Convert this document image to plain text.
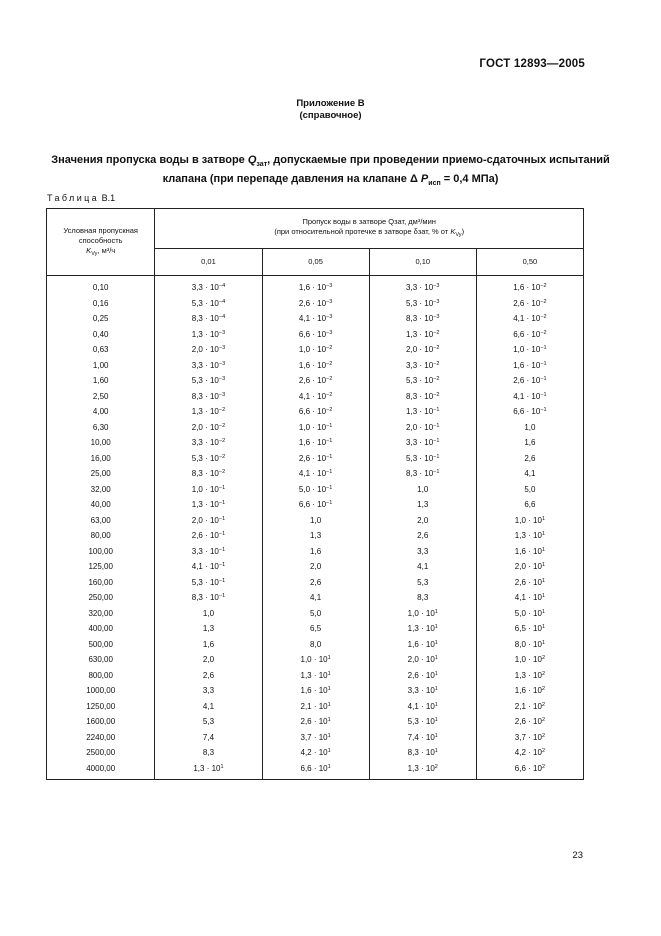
ГОСТ 12893—2005
Приложение В
(справочное)
Значения пропуска воды в затворе $Q_{зат}$, допускаемые при проведении приемо-сдаточных испытаний клапана (при перепаде давления на клапане Δ $P_{исп} = 0,4$ МПа)
Таблица В.1
Условная пропускная способность
$K_{Vy}$, м³/ч	Пропуск воды в затворе Qзат, дм³/мин
(при относительной протечке в затворе δзат, % от $K_{Vy}$)			
	0,01	0,05	0,10	0,50
0,10	$3,3 \cdot 10^{-4}$	$1,6 \cdot 10^{-3}$	$3,3 \cdot 10^{-3}$	$1,6 \cdot 10^{-2}$
0,16	$5,3 \cdot 10^{-4}$	$2,6 \cdot 10^{-3}$	$5,3 \cdot 10^{-3}$	$2,6 \cdot 10^{-2}$
0,25	$8,3 \cdot 10^{-4}$	$4,1 \cdot 10^{-3}$	$8,3 \cdot 10^{-3}$	$4,1 \cdot 10^{-2}$
0,40	$1,3 \cdot 10^{-3}$	$6,6 \cdot 10^{-3}$	$1,3 \cdot 10^{-2}$	$6,6 \cdot 10^{-2}$
0,63	$2,0 \cdot 10^{-3}$	$1,0 \cdot 10^{-2}$	$2,0 \cdot 10^{-2}$	$1,0 \cdot 10^{-1}$
1,00	$3,3 \cdot 10^{-3}$	$1,6 \cdot 10^{-2}$	$3,3 \cdot 10^{-2}$	$1,6 \cdot 10^{-1}$
1,60	$5,3 \cdot 10^{-3}$	$2,6 \cdot 10^{-2}$	$5,3 \cdot 10^{-2}$	$2,6 \cdot 10^{-1}$
2,50	$8,3 \cdot 10^{-3}$	$4,1 \cdot 10^{-2}$	$8,3 \cdot 10^{-2}$	$4,1 \cdot 10^{-1}$
4,00	$1,3 \cdot 10^{-2}$	$6,6 \cdot 10^{-2}$	$1,3 \cdot 10^{-1}$	$6,6 \cdot 10^{-1}$
6,30	$2,0 \cdot 10^{-2}$	$1,0 \cdot 10^{-1}$	$2,0 \cdot 10^{-1}$	1,0
10,00	$3,3 \cdot 10^{-2}$	$1,6 \cdot 10^{-1}$	$3,3 \cdot 10^{-1}$	1,6
16,00	$5,3 \cdot 10^{-2}$	$2,6 \cdot 10^{-1}$	$5,3 \cdot 10^{-1}$	2,6
25,00	$8,3 \cdot 10^{-2}$	$4,1 \cdot 10^{-1}$	$8,3 \cdot 10^{-1}$	4,1
32,00	$1,0 \cdot 10^{-1}$	$5,0 \cdot 10^{-1}$	1,0	5,0
40,00	$1,3 \cdot 10^{-1}$	$6,6 \cdot 10^{-1}$	1,3	6,6
63,00	$2,0 \cdot 10^{-1}$	1,0	2,0	$1,0 \cdot 10^1$
80,00	$2,6 \cdot 10^{-1}$	1,3	2,6	$1,3 \cdot 10^1$
100,00	$3,3 \cdot 10^{-1}$	1,6	3,3	$1,6 \cdot 10^1$
125,00	$4,1 \cdot 10^{-1}$	2,0	4,1	$2,0 \cdot 10^1$
160,00	$5,3 \cdot 10^{-1}$	2,6	5,3	$2,6 \cdot 10^1$
250,00	$8,3 \cdot 10^{-1}$	4,1	8,3	$4,1 \cdot 10^1$
320,00	1,0	5,0	$1,0 \cdot 10^1$	$5,0 \cdot 10^1$
400,00	1,3	6,5	$1,3 \cdot 10^1$	$6,5 \cdot 10^1$
500,00	1,6	8,0	$1,6 \cdot 10^1$	$8,0 \cdot 10^1$
630,00	2,0	$1,0 \cdot 10^1$	$2,0 \cdot 10^1$	$1,0 \cdot 10^2$
800,00	2,6	$1,3 \cdot 10^1$	$2,6 \cdot 10^1$	$1,3 \cdot 10^2$
1000,00	3,3	$1,6 \cdot 10^1$	$3,3 \cdot 10^1$	$1,6 \cdot 10^2$
1250,00	4,1	$2,1 \cdot 10^1$	$4,1 \cdot 10^1$	$2,1 \cdot 10^2$
1600,00	5,3	$2,6 \cdot 10^1$	$5,3 \cdot 10^1$	$2,6 \cdot 10^2$
2240,00	7,4	$3,7 \cdot 10^1$	$7,4 \cdot 10^1$	$3,7 \cdot 10^2$
2500,00	8,3	$4,2 \cdot 10^1$	$8,3 \cdot 10^1$	$4,2 \cdot 10^2$
4000,00	$1,3 \cdot 10^1$	$6,6 \cdot 10^1$	$1,3 \cdot 10^2$	$6,6 \cdot 10^2$
23
